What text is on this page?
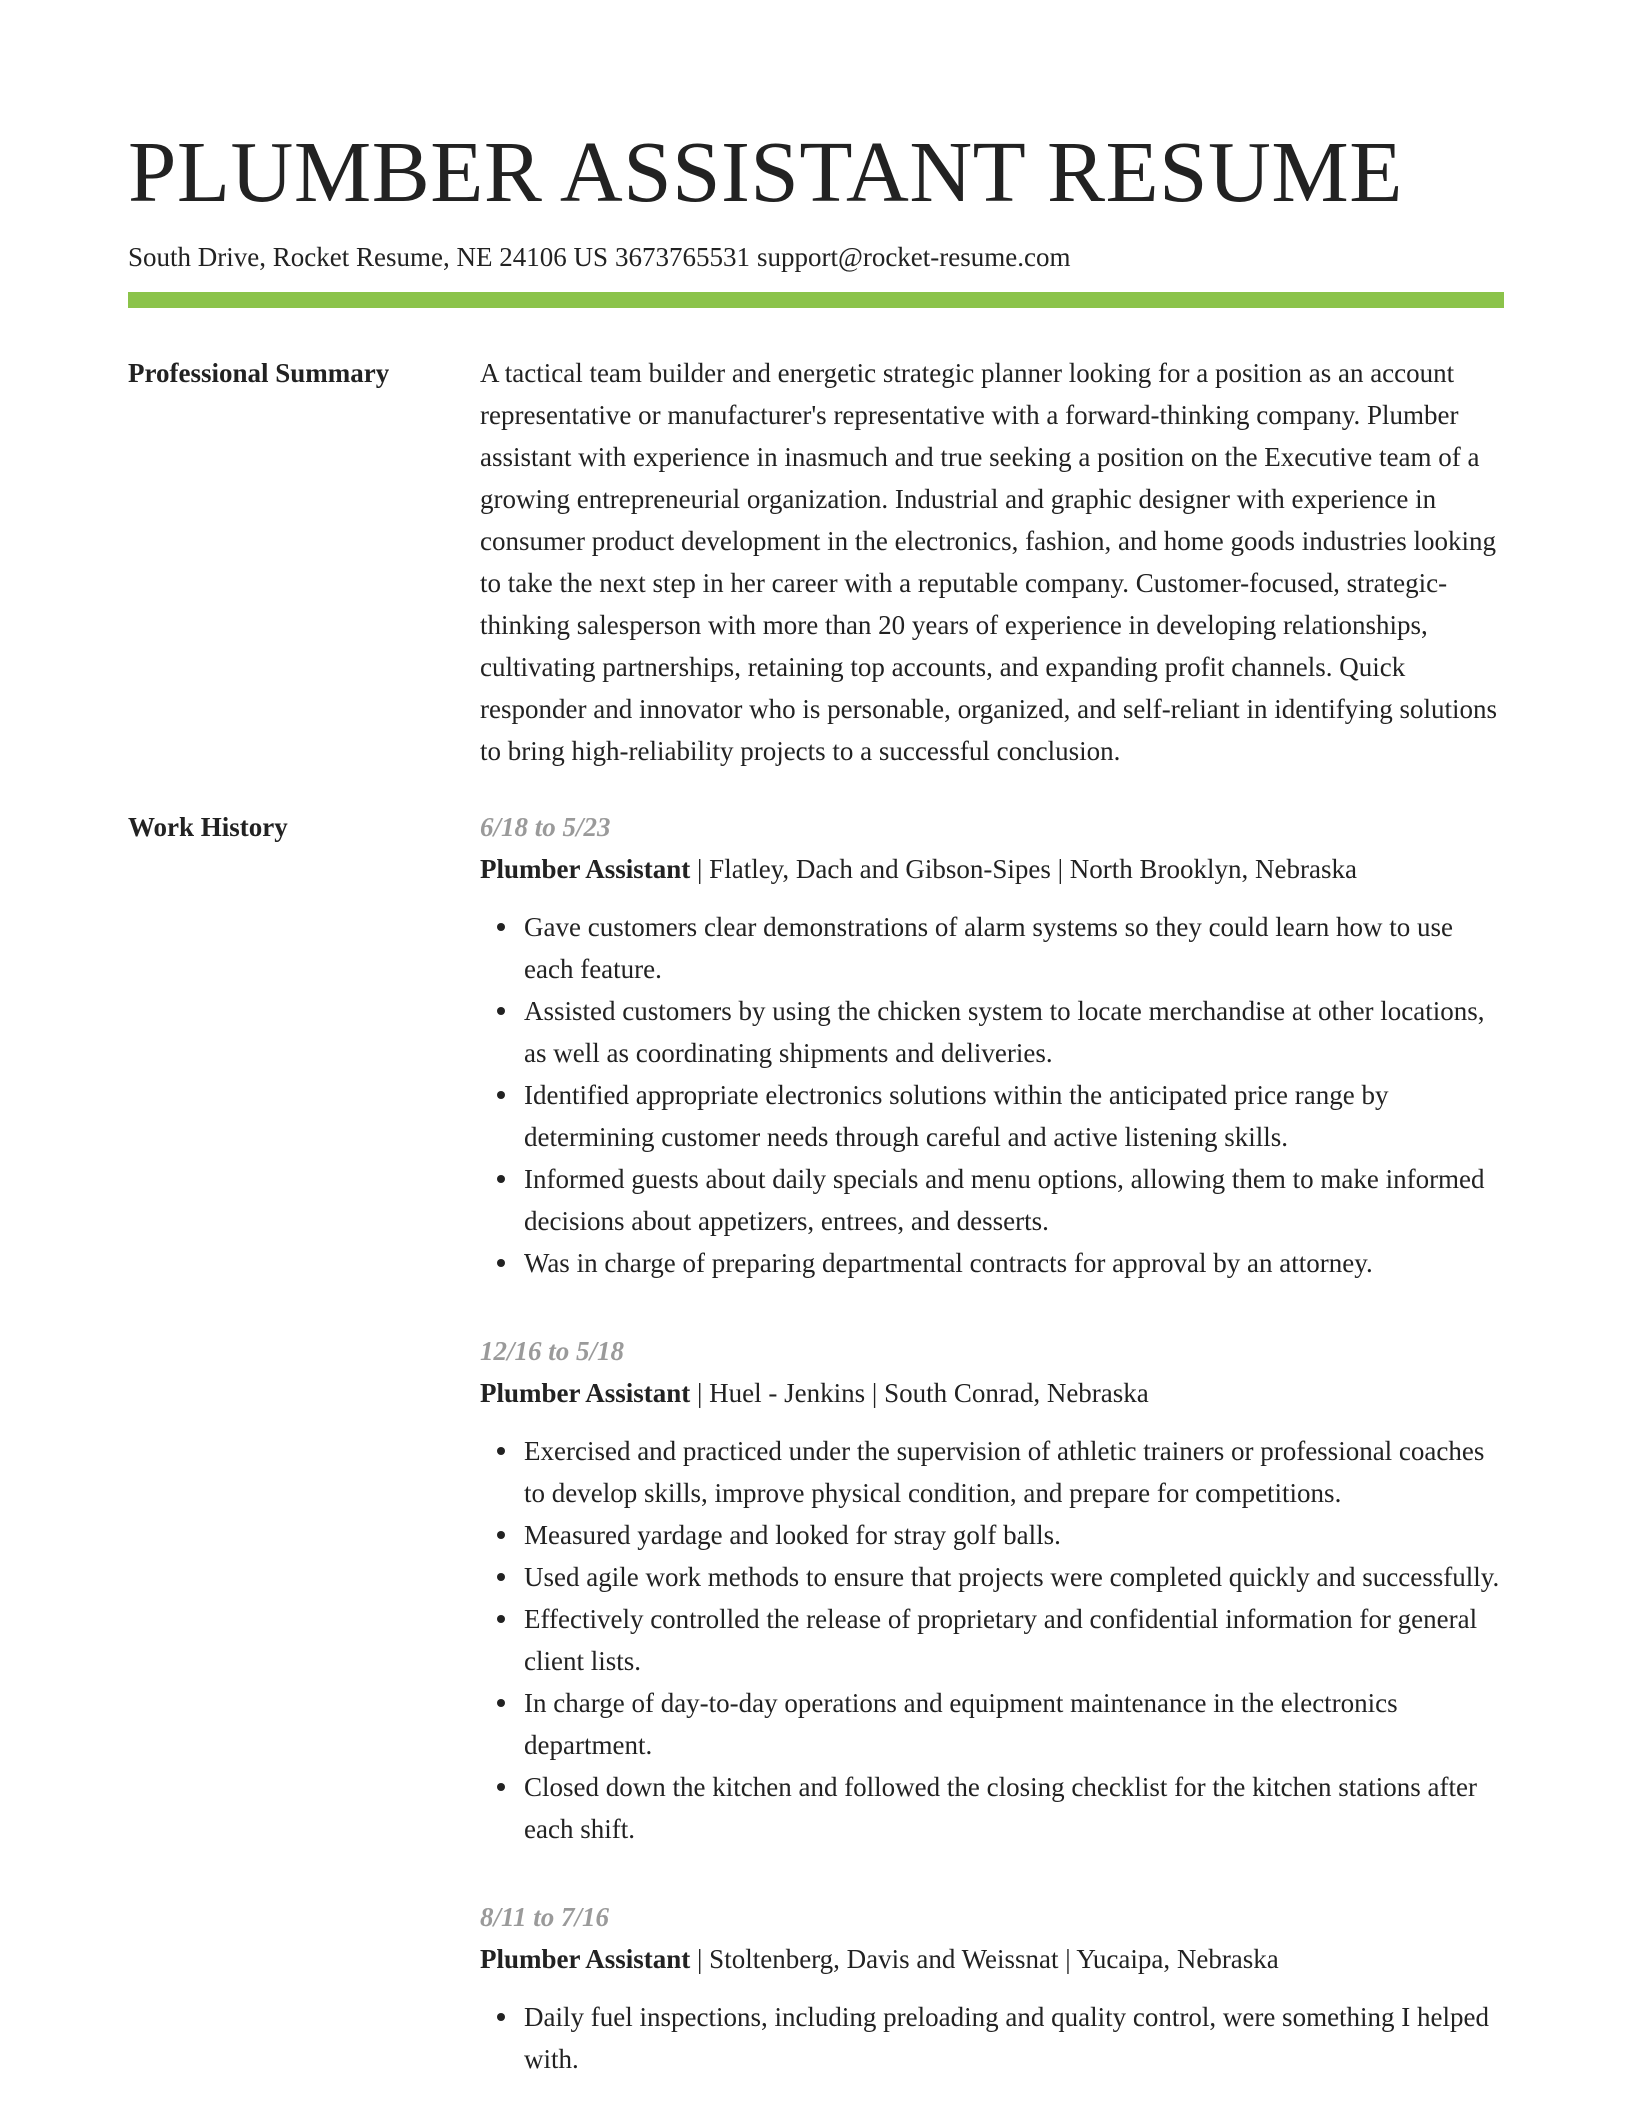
PLUMBER ASSISTANT RESUME
South Drive, Rocket Resume, NE 24106 US 3673765531 support@rocket-resume.com
Professional Summary	A tactical team builder and energetic strategic planner looking for a position as an account representative or manufacturer's representative with a forward-thinking company. Plumber assistant with experience in inasmuch and true seeking a position on the Executive team of a growing entrepreneurial organization. Industrial and graphic designer with experience in consumer product development in the electronics, fashion, and home goods industries looking to take the next step in her career with a reputable company. Customer-focused, strategic-thinking salesperson with more than 20 years of experience in developing relationships, cultivating partnerships, retaining top accounts, and expanding profit channels. Quick responder and innovator who is personable, organized, and self-reliant in identifying solutions to bring high-reliability projects to a successful conclusion.

Work History	6/18 to 5/23
Plumber Assistant | Flatley, Dach and Gibson-Sipes | North Brooklyn, Nebraska
Gave customers clear demonstrations of alarm systems so they could learn how to use each feature.
Assisted customers by using the chicken system to locate merchandise at other locations, as well as coordinating shipments and deliveries.
Identified appropriate electronics solutions within the anticipated price range by determining customer needs through careful and active listening skills.
Informed guests about daily specials and menu options, allowing them to make informed decisions about appetizers, entrees, and desserts.
Was in charge of preparing departmental contracts for approval by an attorney.
12/16 to 5/18
Plumber Assistant | Huel - Jenkins | South Conrad, Nebraska
Exercised and practiced under the supervision of athletic trainers or professional coaches to develop skills, improve physical condition, and prepare for competitions.
Measured yardage and looked for stray golf balls.
Used agile work methods to ensure that projects were completed quickly and successfully.
Effectively controlled the release of proprietary and confidential information for general client lists.
In charge of day-to-day operations and equipment maintenance in the electronics department.
Closed down the kitchen and followed the closing checklist for the kitchen stations after each shift.
8/11 to 7/16
Plumber Assistant | Stoltenberg, Davis and Weissnat | Yucaipa, Nebraska
Daily fuel inspections, including preloading and quality control, were something I helped with.
